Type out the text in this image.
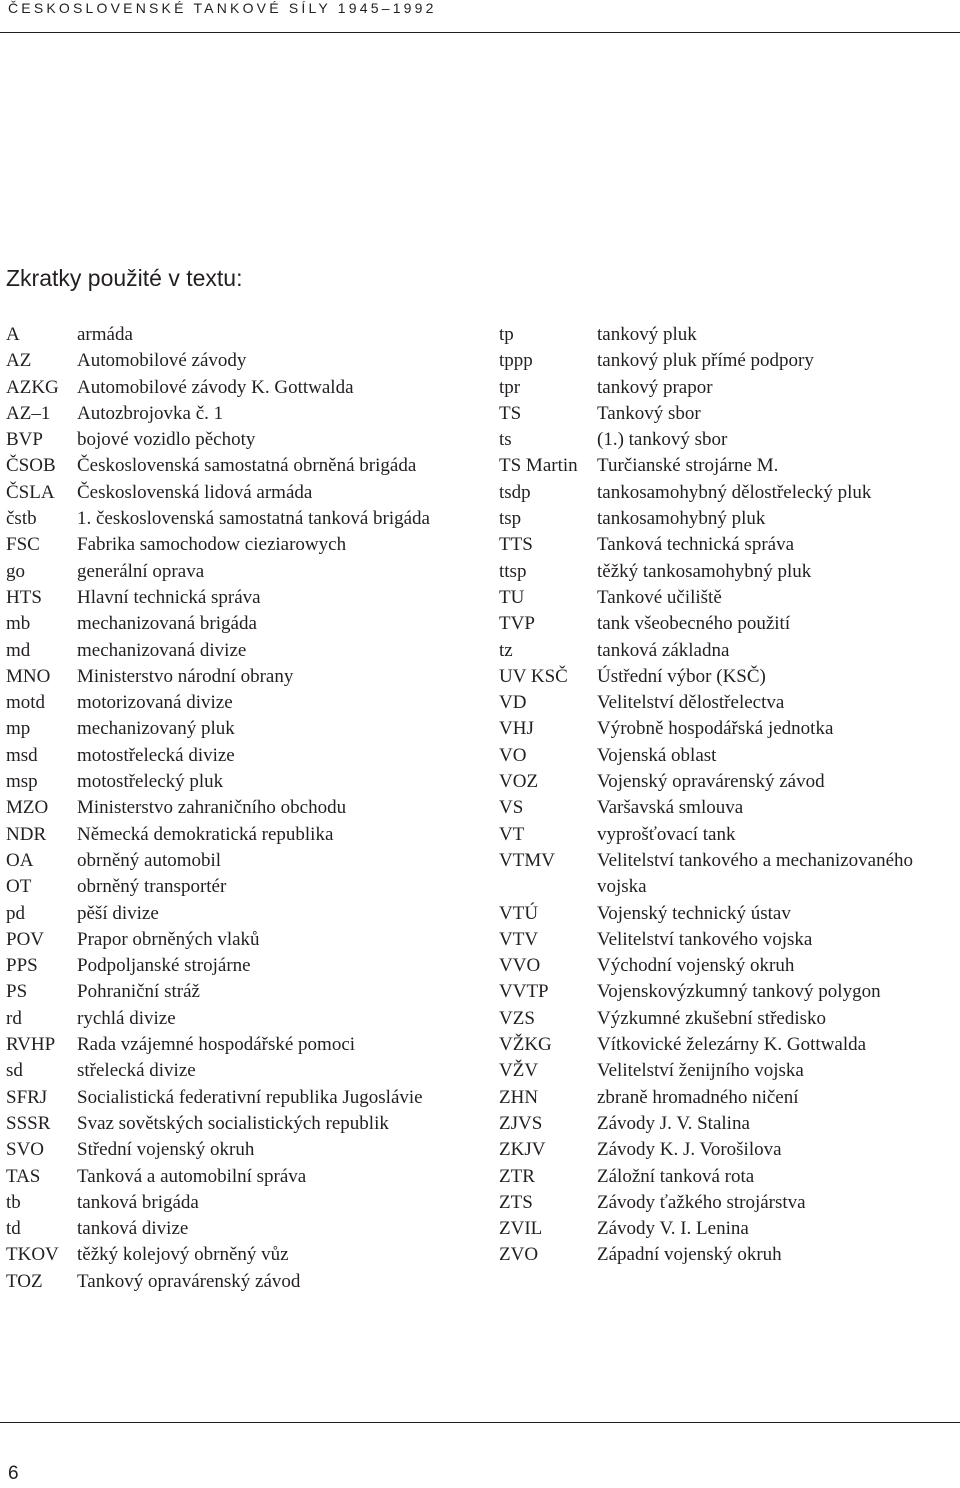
ČESKOSLOVENSKÉ TANKOVÉ SÍLY 1945–1992
Zkratky použité v textu:
A	armáda
AZ	Automobilové závody
AZKG Automobilové závody K. Gottwalda
AZ–1	Autozbrojovka č. 1
BVP	bojové vozidlo pěchoty
ČSOB	Československá samostatná obrněná brigáda
ČSLA	Československá lidová armáda
čstb	1. československá samostatná tanková brigáda
FSC	Fabrika samochodow cieziarowych
go	generální oprava
HTS	Hlavní technická správa
mb	mechanizovaná brigáda
md	mechanizovaná divize
MNO	Ministerstvo národní obrany
motd	motorizovaná divize
mp	mechanizovaný pluk
msd	motostřelecká divize
msp	motostřelecký pluk
MZO	Ministerstvo zahraničního obchodu
NDR	Německá demokratická republika
OA	obrněný automobil
OT	obrněný transportér
pd	pěší divize
POV	Prapor obrněných vlaků
PPS	Podpoljanské strojárne
PS	Pohraniční stráž
rd	rychlá divize
RVHP	Rada vzájemné hospodářské pomoci
sd	střelecká divize
SFRJ	Socialistická federativní republika Jugoslávie
SSSR	Svaz sovětských socialistických republik
SVO	Střední vojenský okruh
TAS	Tanková a automobilní správa
tb	tanková brigáda
td	tanková divize
TKOV těžký kolejový obrněný vůz
TOZ	Tankový opravárenský závod
tp	tankový pluk
tppp	tankový pluk přímé podpory
tpr	tankový prapor
TS	Tankový sbor
ts	(1.) tankový sbor
TS Martin	Turčianské strojárne M.
tsdp	tankosamohybný dělostřelecký pluk
tsp	tankosamohybný pluk
TTS	Tanková technická správa
ttsp	těžký tankosamohybný pluk
TU	Tankové učiliště
TVP	tank všeobecného použití
tz	tanková základna
UV KSČ	Ústřední výbor (KSČ)
VD	Velitelství dělostřelectva
VHJ	Výrobně hospodářská jednotka
VO	Vojenská oblast
VOZ	Vojenský opravárenský závod
VS	Varšavská smlouva
VT	vyprošťovací tank
VTMV	Velitelství tankového a mechanizovaného vojska
VTÚ	Vojenský technický ústav
VTV	Velitelství tankového vojska
VVO	Východní vojenský okruh
VVTP	Vojenskovýzkumný tankový polygon
VZS	Výzkumné zkušební středisko
VŽKG	Vítkovické železárny K. Gottwalda
VŽV	Velitelství ženijního vojska
ZHN	zbraně hromadného ničení
ZJVS	Závody J. V. Stalina
ZKJV	Závody K. J. Vorošilova
ZTR	Záložní tanková rota
ZTS	Závody ťažkého strojárstva
ZVIL	Závody V. I. Lenina
ZVO	Západní vojenský okruh
6
